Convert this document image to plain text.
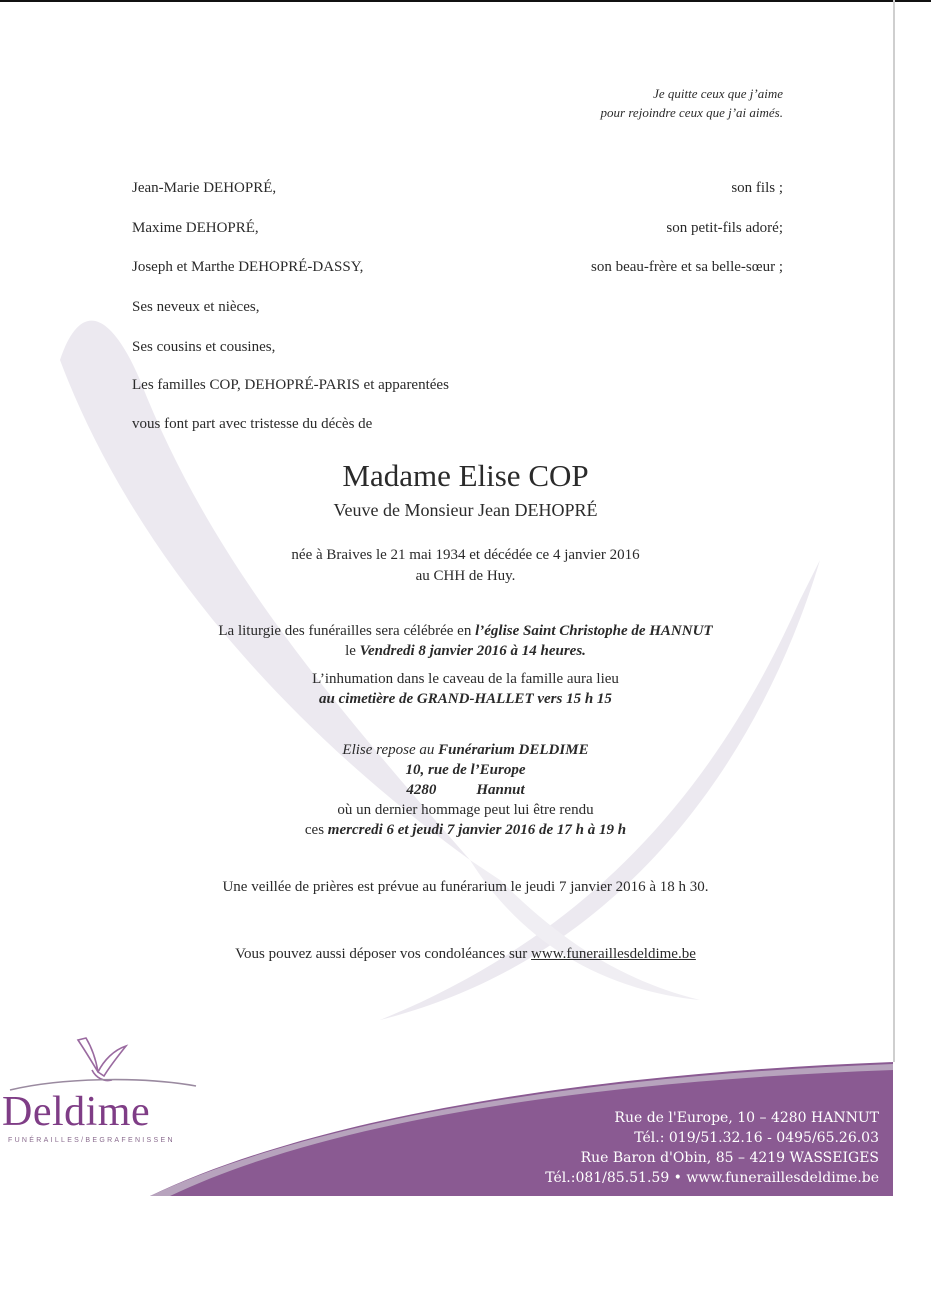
Je quitte ceux que j’aime
pour rejoindre ceux que j’ai aimés.
Jean-Marie DEHOPRÉ,	son fils ;
Maxime DEHOPRÉ,	son petit-fils adoré;
Joseph et Marthe DEHOPRÉ-DASSY,	son beau-frère et sa belle-sœur ;
Ses neveux et nièces,
Ses cousins et cousines,
Les familles COP, DEHOPRÉ-PARIS et apparentées
vous font part avec tristesse du décès de
Madame Elise COP
Veuve de Monsieur Jean DEHOPRÉ
née à Braives le 21 mai 1934 et décédée ce 4 janvier 2016
au CHH de Huy.
La liturgie des funérailles sera célébrée en l’église Saint Christophe de HANNUT
le Vendredi 8 janvier 2016 à 14 heures.
L’inhumation dans le caveau de la famille aura lieu
au cimetière de GRAND-HALLET vers 15 h 15
Elise repose au Funérarium DELDIME
10, rue de l’Europe
4280	Hannut
où un dernier hommage peut lui être rendu
ces mercredi 6 et jeudi 7 janvier 2016 de 17 h à 19 h
Une veillée de prières est prévue au funérarium le jeudi 7 janvier 2016 à 18 h 30.
Vous pouvez aussi déposer vos condoléances sur www.funeraillesdeldime.be
Deldime
FUNÉRAILLES/BEGRAFENISSEN
Rue de l'Europe, 10 – 4280 HANNUT
Tél.: 019/51.32.16 - 0495/65.26.03
Rue Baron d'Obin, 85 – 4219 WASSEIGES
Tél.:081/85.51.59 • www.funeraillesdeldime.be
